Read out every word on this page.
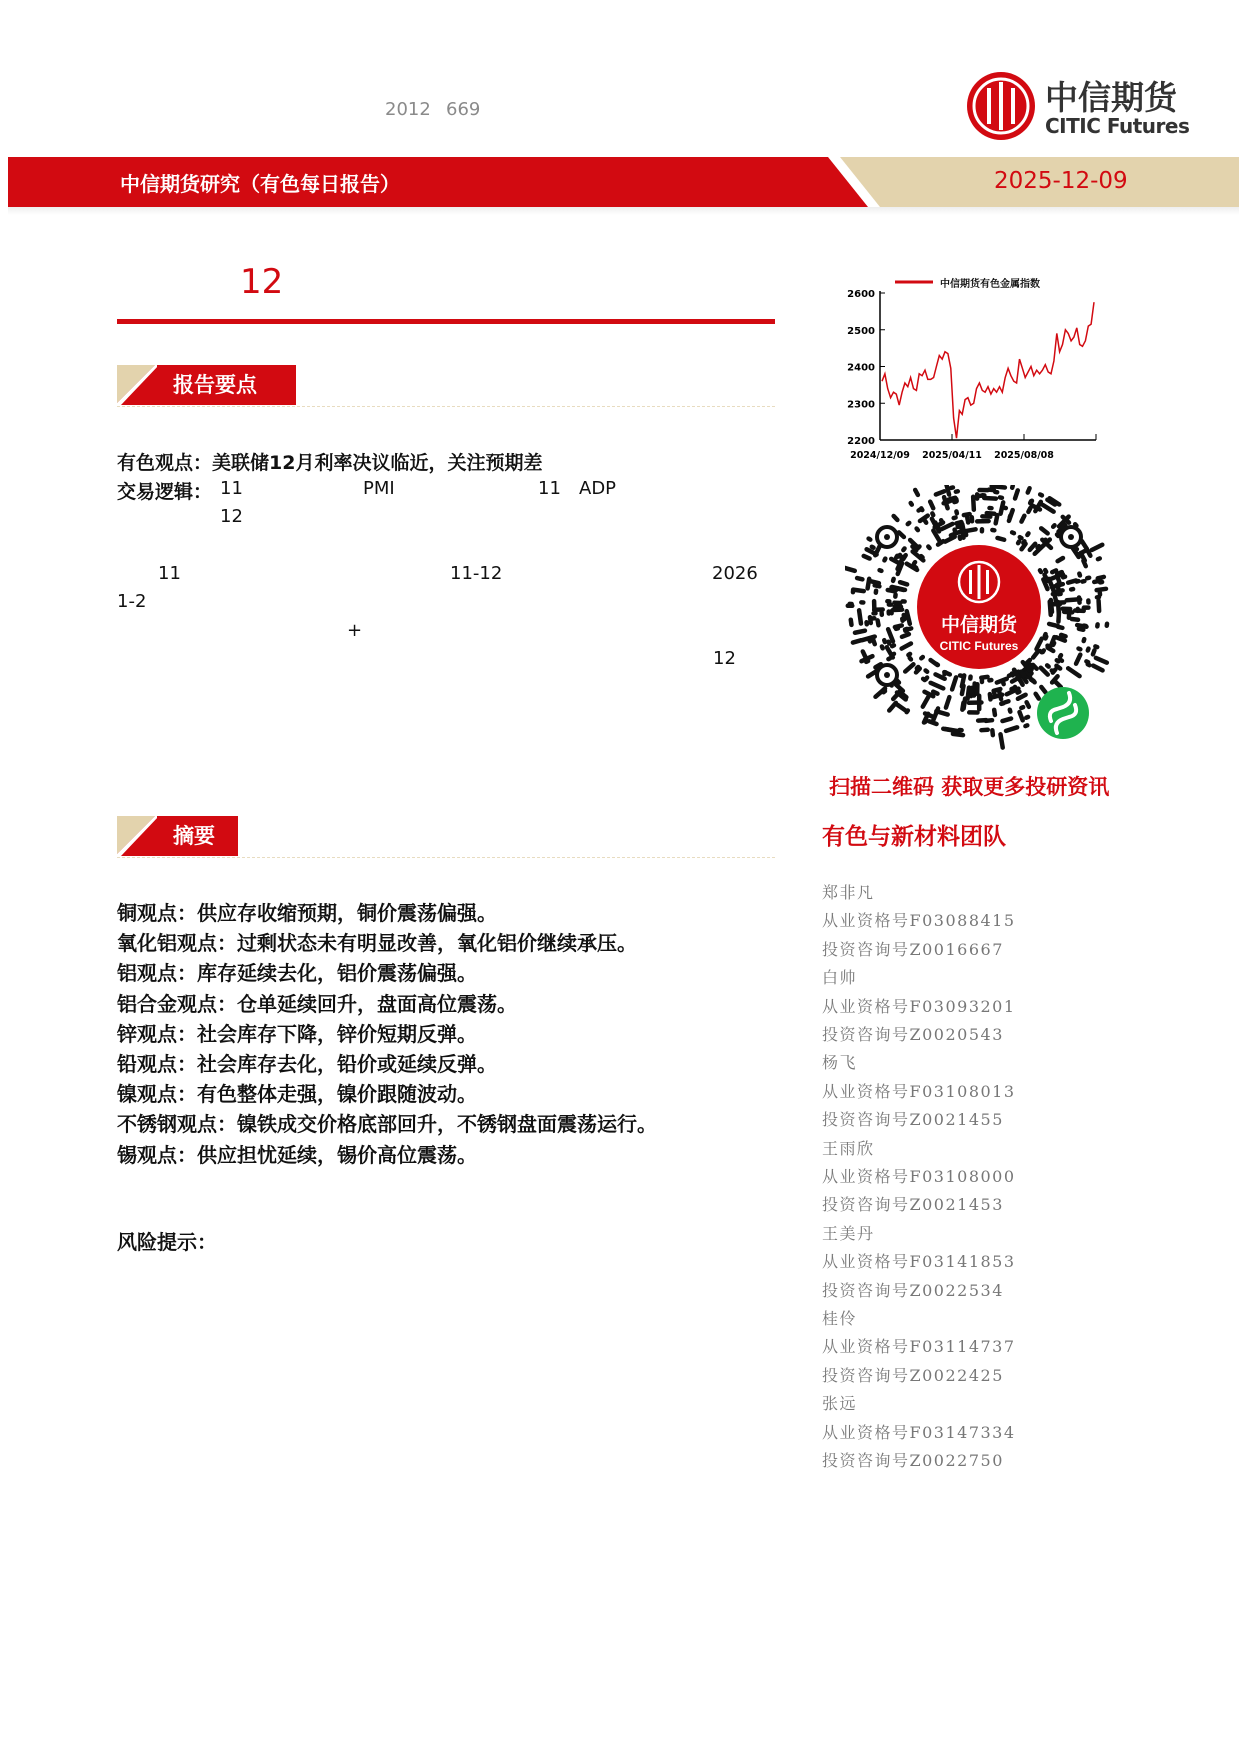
2012 669	中信期货
CITIC Futures
中信期货研究（有色每日报告）	2025-12-09
12
报告要点
有色观点：美联储12月利率决议临近，关注预期差
交易逻辑： 11	PMI	11 ADP
12
11	11-12	2026
1-2
+
12
摘要
铜观点：供应存收缩预期，铜价震荡偏强。
氧化铝观点：过剩状态未有明显改善，氧化铝价继续承压。
铝观点：库存延续去化，铝价震荡偏强。
铝合金观点：仓单延续回升，盘面高位震荡。
锌观点：社会库存下降，锌价短期反弹。
铅观点：社会库存去化，铅价或延续反弹。
镍观点：有色整体走强，镍价跟随波动。
不锈钢观点：镍铁成交价格底部回升，不锈钢盘面震荡运行。
锡观点：供应担忧延续，锡价高位震荡。
风险提示：
2600
2500
2400
2300
2200
2024/12/09 2025/04/11 2025/08/08
中信期货有色金属指数
中信期货
CITIC Futures
扫描二维码 获取更多投研资讯
有色与新材料团队
郑非凡
从业资格号F03088415
投资咨询号Z0016667
白帅
从业资格号F03093201
投资咨询号Z0020543
杨飞
从业资格号F03108013
投资咨询号Z0021455
王雨欣
从业资格号F03108000
投资咨询号Z0021453
王美丹
从业资格号F03141853
投资咨询号Z0022534
桂伶
从业资格号F03114737
投资咨询号Z0022425
张远
从业资格号F03147334
投资咨询号Z0022750
